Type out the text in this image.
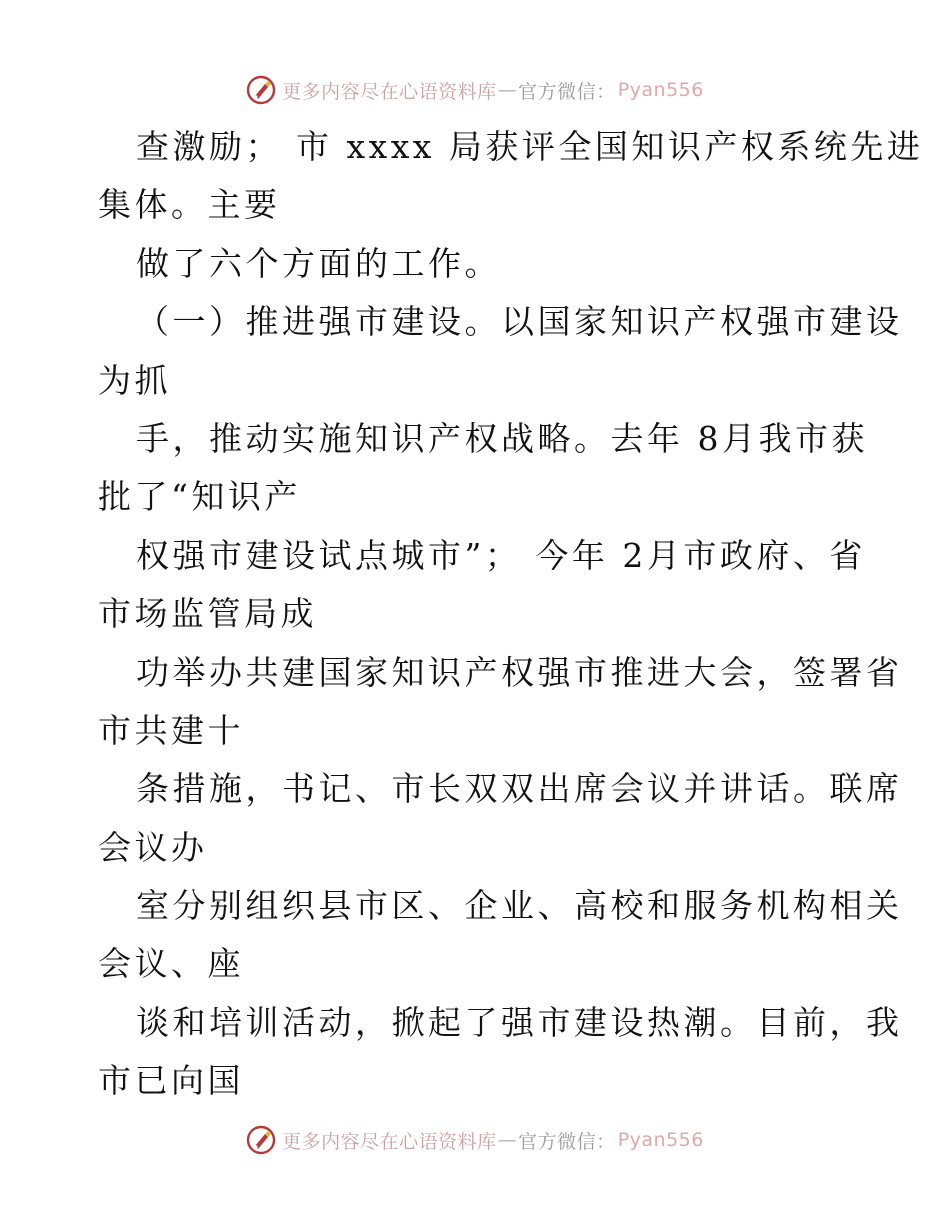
更多内容尽在心语资料库 — 官方微信： Pyan556
查激励； 市 xxxx 局获评全国知识产权系统先进
集体。主要
做了六个方面的工作。
（一）推进强市建设。以国家知识产权强市建设
为抓
手，推动实施知识产权战略。去年 8月我市获
批了“知识产
权强市建设试点城市”； 今年 2月市政府、省
市场监管局成
功举办共建国家知识产权强市推进大会，签署省
市共建十
条措施，书记、市长双双出席会议并讲话。联席
会议办
室分别组织县市区、企业、高校和服务机构相关
会议、座
谈和培训活动，掀起了强市建设热潮。目前，我
市已向国
更多内容尽在心语资料库 — 官方微信： Pyan556
